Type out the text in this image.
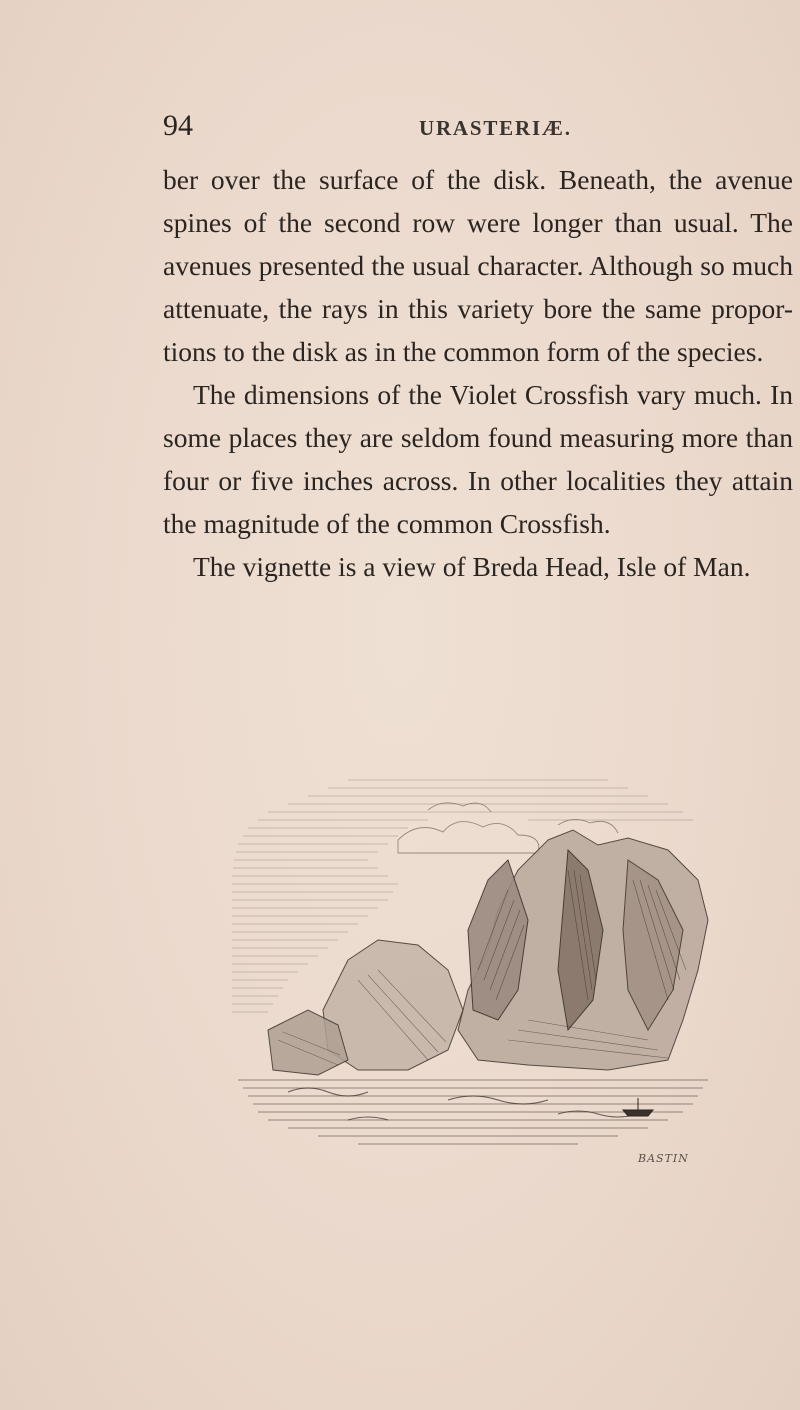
94	URASTERIÆ.
ber over the surface of the disk. Beneath, the avenue
spines of the second row were longer than usual. The
avenues presented the usual character. Although so much
attenuate, the rays in this variety bore the same propor-
tions to the disk as in the common form of the species.
The dimensions of the Violet Crossfish vary much. In
some places they are seldom found measuring more than
four or five inches across. In other localities they attain
the magnitude of the common Crossfish.
The vignette is a view of Breda Head, Isle of Man.
BASTIN
